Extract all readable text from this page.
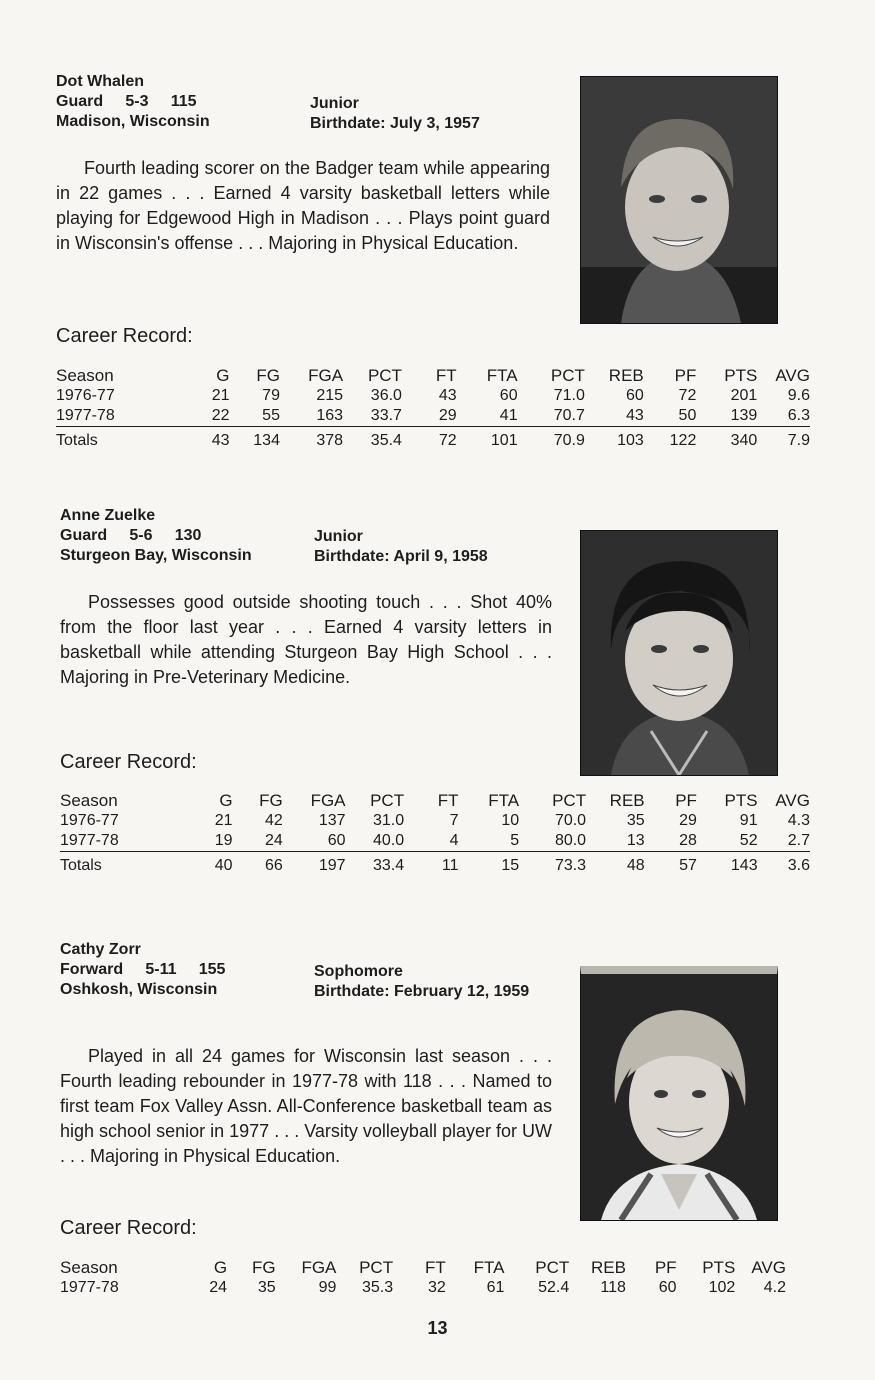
Dot Whalen
Guard     5-3     115
Madison, Wisconsin
Junior
Birthdate: July 3, 1957

Fourth leading scorer on the Badger team while appearing in 22 games . . . Earned 4 varsity basketball letters while playing for Edgewood High in Madison . . . Plays point guard in Wisconsin's offense . . . Majoring in Physical Education.

Career Record:
Season	G	FG	FGA	PCT	FT	FTA	PCT	REB	PF	PTS	AVG
1976-77	21	79	215	36.0	43	60	71.0	60	72	201	9.6
1977-78	22	55	163	33.7	29	41	70.7	43	50	139	6.3
Totals	43	134	378	35.4	72	101	70.9	103	122	340	7.9
Anne Zuelke
Guard     5-6     130
Sturgeon Bay, Wisconsin
Junior
Birthdate: April 9, 1958

Possesses good outside shooting touch . . . Shot 40% from the floor last year . . . Earned 4 varsity letters in basketball while attending Sturgeon Bay High School . . . Majoring in Pre-Veterinary Medicine.

Career Record:
Season	G	FG	FGA	PCT	FT	FTA	PCT	REB	PF	PTS	AVG
1976-77	21	42	137	31.0	7	10	70.0	35	29	91	4.3
1977-78	19	24	60	40.0	4	5	80.0	13	28	52	2.7
Totals	40	66	197	33.4	11	15	73.3	48	57	143	3.6
Cathy Zorr
Forward     5-11     155
Oshkosh, Wisconsin
Sophomore
Birthdate: February 12, 1959

Played in all 24 games for Wisconsin last season . . . Fourth leading rebounder in 1977-78 with 118 . . . Named to first team Fox Valley Assn. All-Conference basketball team as high school senior in 1977 . . . Varsity volleyball player for UW . . . Majoring in Physical Education.

Career Record:
Season	G	FG	FGA	PCT	FT	FTA	PCT	REB	PF	PTS	AVG
1977-78	24	35	99	35.3	32	61	52.4	118	60	102	4.2
13
